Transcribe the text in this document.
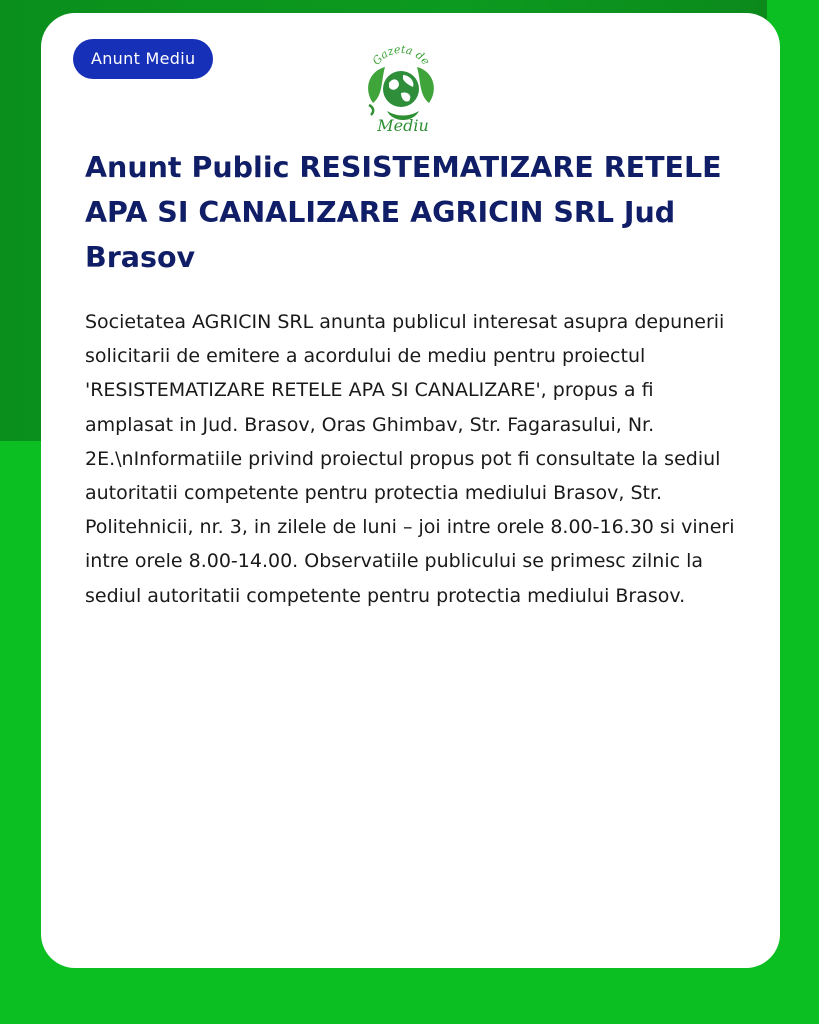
Anunt Mediu	Gazeta de
Mediu
Anunt Public RESISTEMATIZARE RETELE APA SI CANALIZARE AGRICIN SRL Jud Brasov

Societatea AGRICIN SRL anunta publicul interesat asupra depunerii solicitarii de emitere a acordului de mediu pentru proiectul 'RESISTEMATIZARE RETELE APA SI CANALIZARE', propus a fi amplasat in Jud. Brasov, Oras Ghimbav, Str. Fagarasului, Nr. 2E.\nInformatiile privind proiectul propus pot fi consultate la sediul autoritatii competente pentru protectia mediului Brasov, Str. Politehnicii, nr. 3, in zilele de luni – joi intre orele 8.00-16.30 si vineri intre orele 8.00-14.00. Observatiile publicului se primesc zilnic la sediul autoritatii competente pentru protectia mediului Brasov.
